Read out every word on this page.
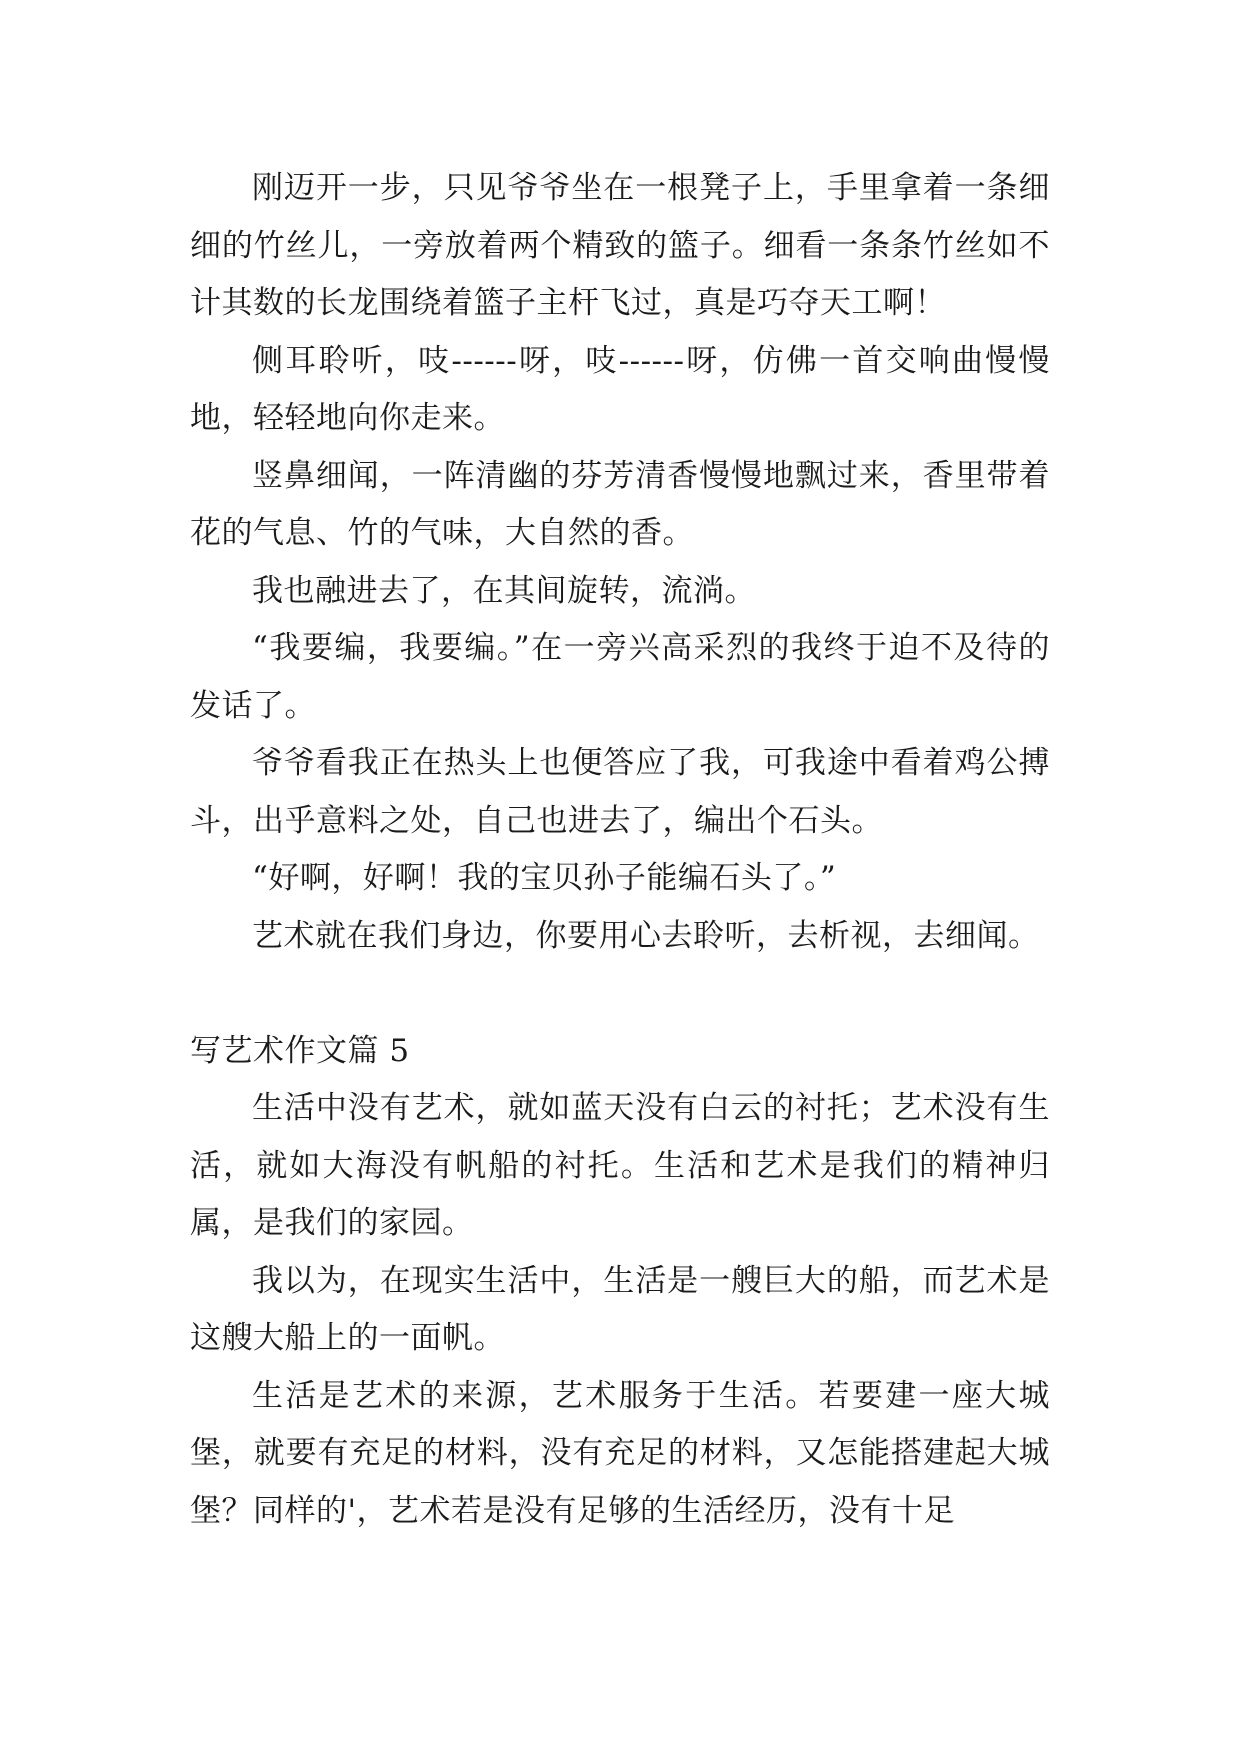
刚迈开一步，只见爷爷坐在一根凳子上，手里拿着一条细细的竹丝儿，一旁放着两个精致的篮子。细看一条条竹丝如不计其数的长龙围绕着篮子主杆飞过，真是巧夺天工啊！

侧耳聆听，吱------呀，吱------呀，仿佛一首交响曲慢慢地，轻轻地向你走来。

竖鼻细闻，一阵清幽的芬芳清香慢慢地飘过来，香里带着花的气息、竹的气味，大自然的香。

我也融进去了，在其间旋转，流淌。

“我要编，我要编。”在一旁兴高采烈的我终于迫不及待的发话了。

爷爷看我正在热头上也便答应了我，可我途中看着鸡公搏斗，出乎意料之处，自己也进去了，编出个石头。

“好啊，好啊！我的宝贝孙子能编石头了。”

艺术就在我们身边，你要用心去聆听，去析视，去细闻。

写艺术作文篇 5

生活中没有艺术，就如蓝天没有白云的衬托；艺术没有生活，就如大海没有帆船的衬托。生活和艺术是我们的精神归属，是我们的家园。

我以为，在现实生活中，生活是一艘巨大的船，而艺术是这艘大船上的一面帆。

生活是艺术的来源，艺术服务于生活。若要建一座大城堡，就要有充足的材料，没有充足的材料，又怎能搭建起大城堡？同样的'，艺术若是没有足够的生活经历，没有十足
